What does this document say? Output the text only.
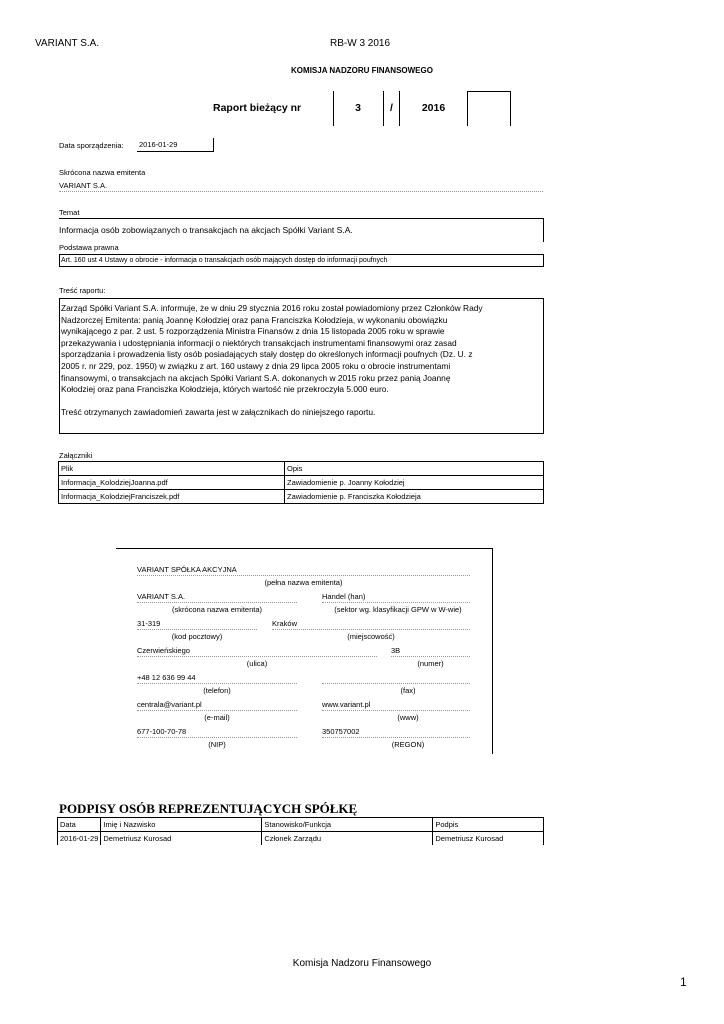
VARIANT S.A.	RB-W 3 2016
KOMISJA NADZORU FINANSOWEGO
Raport bieżący nr	3	/	2016
Data sporządzenia: 2016-01-29
Skrócona nazwa emitenta
VARIANT S.A.
Temat
Informacja osób zobowiązanych o transakcjach na akcjach Spółki Variant S.A.
Podstawa prawna
Art. 160 ust 4 Ustawy o obrocie - informacja o transakcjach osób mających dostęp do informacji poufnych
Treść raportu:
Zarząd Spółki Variant S.A. informuje, że w dniu 29 stycznia 2016 roku został powiadomiony przez Członków Rady
Nadzorczej Emitenta: panią Joannę Kołodziej oraz pana Franciszka Kołodzieja, w wykonaniu obowiązku
wynikającego z par. 2 ust. 5 rozporządzenia Ministra Finansów z dnia 15 listopada 2005 roku w sprawie
przekazywania i udostępniania informacji o niektórych transakcjach instrumentami finansowymi oraz zasad
sporządzania i prowadzenia listy osób posiadających stały dostęp do określonych informacji poufnych (Dz. U. z
2005 r. nr 229, poz. 1950) w związku z art. 160 ustawy z dnia 29 lipca 2005 roku o obrocie instrumentami
finansowymi, o transakcjach na akcjach Spółki Variant S.A. dokonanych w 2015 roku przez panią Joannę
Kołodziej oraz pana Franciszka Kołodzieja, których wartość nie przekroczyła 5.000 euro.
Treść otrzymanych zawiadomień zawarta jest w załącznikach do niniejszego raportu.
Załączniki
Plik	Opis
Informacja_KolodziejJoanna.pdf	Zawiadomienie p. Joanny Kołodziej
Informacja_KolodziejFranciszek.pdf	Zawiadomienie p. Franciszka Kołodzieja
VARIANT SPÓŁKA AKCYJNA
(pełna nazwa emitenta)
VARIANT S.A.	Handel (han)
(skrócona nazwa emitenta)	(sektor wg. klasyfikacji GPW w W-wie)
31-319	Kraków
(kod pocztowy)	(miejscowość)
Czerwieńskiego	3B
(ulica)	(numer)
+48 12 636 99 44
(telefon)	(fax)
centrala@variant.pl	www.variant.pl
(e-mail)	(www)
677-100-70-78	350757002
(NIP)	(REGON)
PODPISY OSÓB REPREZENTUJĄCYCH SPÓŁKĘ
Data	Imię i Nazwisko	Stanowisko/Funkcja	Podpis
2016-01-29	Demetriusz Kurosad	Członek Zarządu	Demetriusz Kurosad
Komisja Nadzoru Finansowego
1
